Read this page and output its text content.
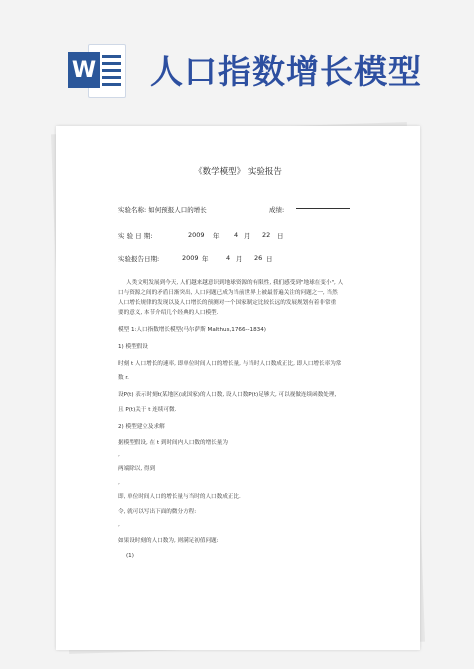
W 人口指数增长模型
《数学模型》 实验报告
实验名称: 如何预报人口的增长	成绩:
实 验 日 期:	2009 年 4 月 22 日
实验报告日期:	2009 年	4 月 26 日
人类文明发展到今天, 人们越来越意识到地球资源的有限性, 我们感受到"地球在变小", 人
口与资源之间的矛盾日渐突出, 人口问题已成为当前世界上被最普遍关注的问题之一, 当然
人口增长规律的发现以及人口增长的预测对一个国家制定比较长远的发展规划有着非常重
要的意义, 本节介绍几个经典的人口模型.
模型 1:人口指数增长模型(马尔萨斯 Malthus,1766--1834)
1) 模型假设
时刻 t 人口增长的速率, 即单位时间人口的增长量, 与当时人口数成正比, 即人口增长率为常
数 r.
设P(t) 表示时刻t(某地区(或国家)的人口数, 设人口数P(t)足够大, 可以视做连续函数处理,
且 P(t)关于 t 连续可微.
2) 模型建立及求解
据模型假设, 在 t 到时间内人口数的增长量为
,
两端除以, 得到
,
即, 单位时间人口的增长量与当时的人口数成正比.
令, 就可以写出下面的微分方程:
,
如果设时刻的人口数为, 则满足初值问题:
(1)
